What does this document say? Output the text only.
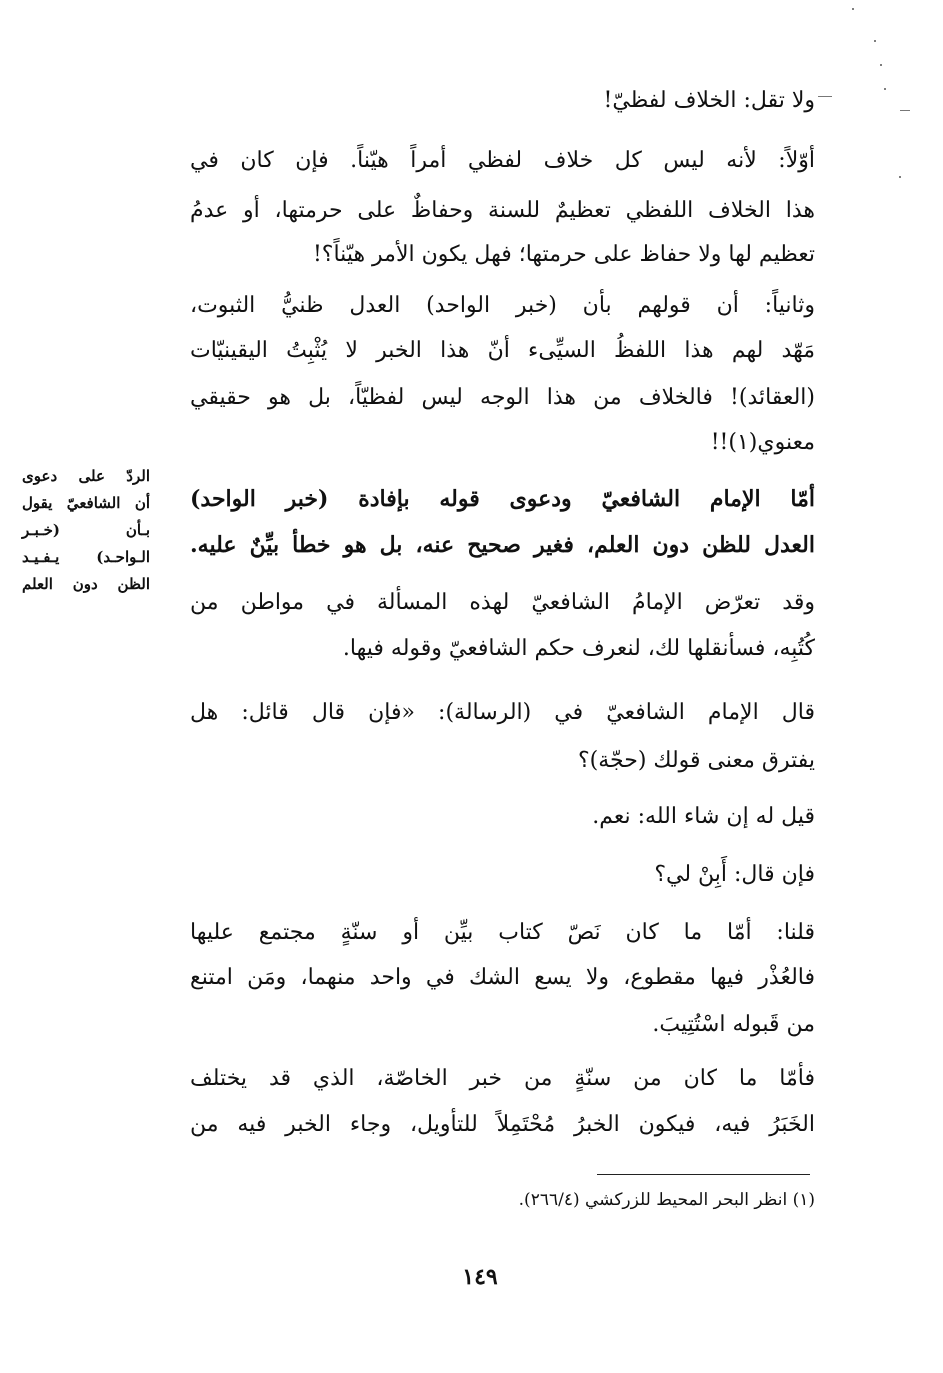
ولا تقل: الخلاف لفظيّ!
أوّلاً: لأنه ليس كل خلاف لفظي أمراً هيّناً. فإن كان في
هذا الخلاف اللفظي تعظيمٌ للسنة وحفاظٌ على حرمتها، أو عدمُ
تعظيم لها ولا حفاظ على حرمتها؛ فهل يكون الأمر هيّناً؟!
وثانياً: أن قولهم بأن (خبر الواحد) العدل ظنيُّ الثبوت،
مَهّد لهم هذا اللفظُ السيِّىء أنّ هذا الخبر لا يُثْبِتُ اليقينيّات
(العقائد)! فالخلاف من هذا الوجه ليس لفظيّاً، بل هو حقيقي
معنوي(١)!!
أمّا الإمام الشافعيّ ودعوى قوله بإفادة (خبر الواحد)
العدل للظن دون العلم، فغير صحيح عنه، بل هو خطأ بيِّنٌ عليه.
وقد تعرّض الإمامُ الشافعيّ لهذه المسألة في مواطن من
كُتُبِه، فسأنقلها لك، لنعرف حكم الشافعيّ وقوله فيها.
قال الإمام الشافعيّ في (الرسالة): «فإن قال قائل: هل
يفترق معنى قولك (حجّة)؟
قيل له إن شاء الله: نعم.
فإن قال: أَبِنْ لي؟
قلنا: أمّا ما كان نَصّ كتاب بيِّن أو سنّةٍ مجتمع عليها
فالعُذْر فيها مقطوع، ولا يسع الشك في واحد منهما، ومَن امتنع
من قَبوله اسْتُتِيبَ.
فأمّا ما كان من سنّةٍ من خبر الخاصّة، الذي قد يختلف
الخَبَرُ فيه، فيكون الخبرُ مُحْتَمِلاً للتأويل، وجاء الخبر فيه من
الردّ على دعوى
أن الشافعيّ يقول
بـأن (خـبـر
الـواحـد) يـفـيـد
الظن دون العلم
(١) انظر البحر المحيط للزركشي (٢٦٦/٤).
١٤٩
